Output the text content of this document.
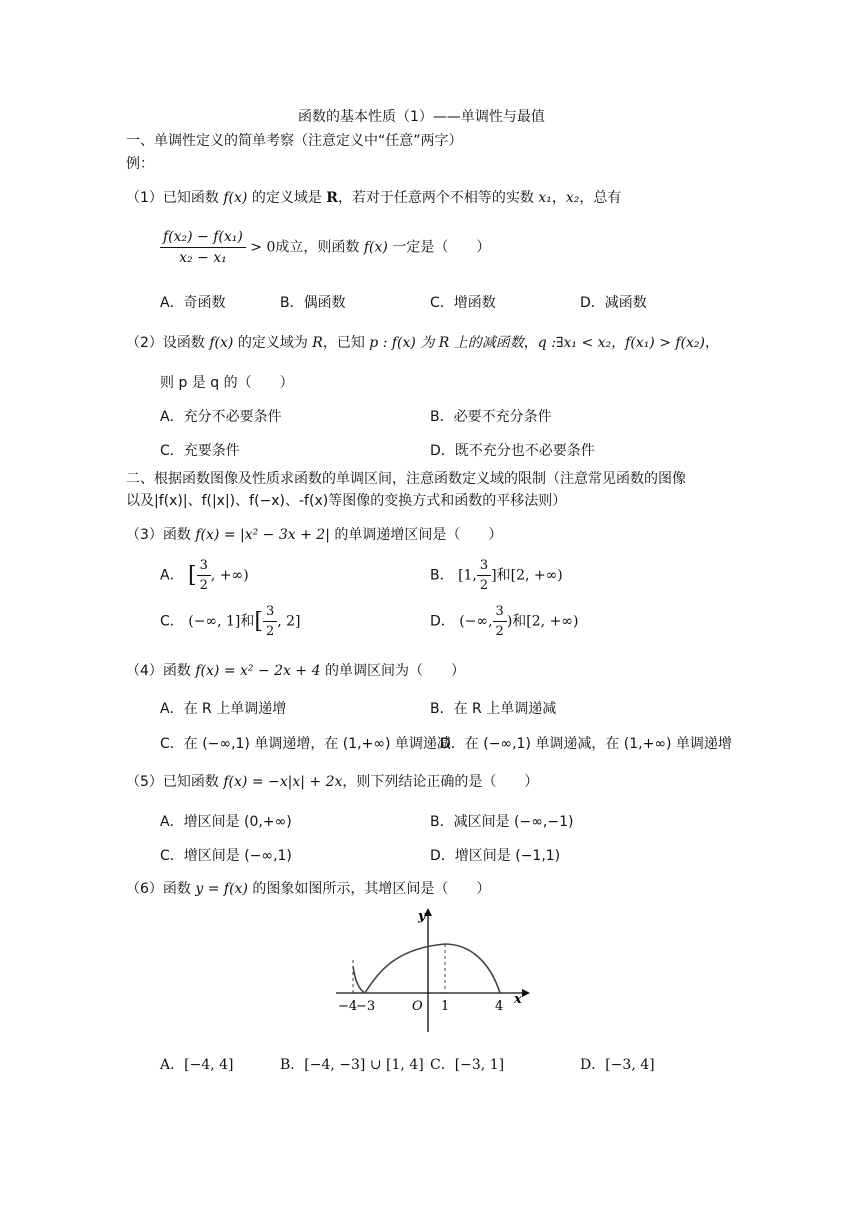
函数的基本性质（1）——单调性与最值
一、单调性定义的简单考察（注意定义中“任意”两字）
例：
（1）已知函数 f(x) 的定义域是 R，若对于任意两个不相等的实数 x₁，x₂，总有
$\frac{\text{f(x₂) − f(x₁)}}{\text{x₂ − x₁}} > 0$成立，则函数 f(x) 一定是（　　）
A．奇函数	B．偶函数	C．增函数	D．减函数
（2）设函数 f(x) 的定义域为 R，已知 p : f(x) 为 R 上的减函数，q :∃x₁ < x₂，f(x₁) > f(x₂)，
则 p 是 q 的（　　）
A．充分不必要条件	B．必要不充分条件
C．充要条件	D．既不充分也不必要条件
二、根据函数图像及性质求函数的单调区间，注意函数定义域的限制（注意常见函数的图像
以及|f(x)|、f(|x|)、f(−x)、-f(x)等图像的变换方式和函数的平移法则）
（3）函数 f(x) = |x² − 3x + 2| 的单调递增区间是（　　）
A． [ $\frac{3}{2}$ , +∞)	B． [1, $\frac{3}{2}$ ]和[2, +∞)
C． (−∞, 1]和[ $\frac{3}{2}$ , 2]	D． (−∞, $\frac{3}{2}$ )和[2, +∞)
（4）函数 f(x) = x² − 2x + 4 的单调区间为（　　）
A．在 R 上单调递增	B．在 R 上单调递减
C．在 (−∞,1) 单调递增，在 (1,+∞) 单调递减
D．在 (−∞,1) 单调递减，在 (1,+∞) 单调递增
（5）已知函数 f(x) = −x|x| + 2x，则下列结论正确的是（　　）
A．增区间是 (0,+∞)	B．减区间是 (−∞,−1)
C．增区间是 (−∞,1)	D．增区间是 (−1,1)
（6）函数 y = f(x) 的图象如图所示，其增区间是（　　）
y
x
O
−4
−3	1	4
A．[−4, 4]	B．[−4, −3] ∪ [1, 4] C．[−3, 1]	D．[−3, 4]
